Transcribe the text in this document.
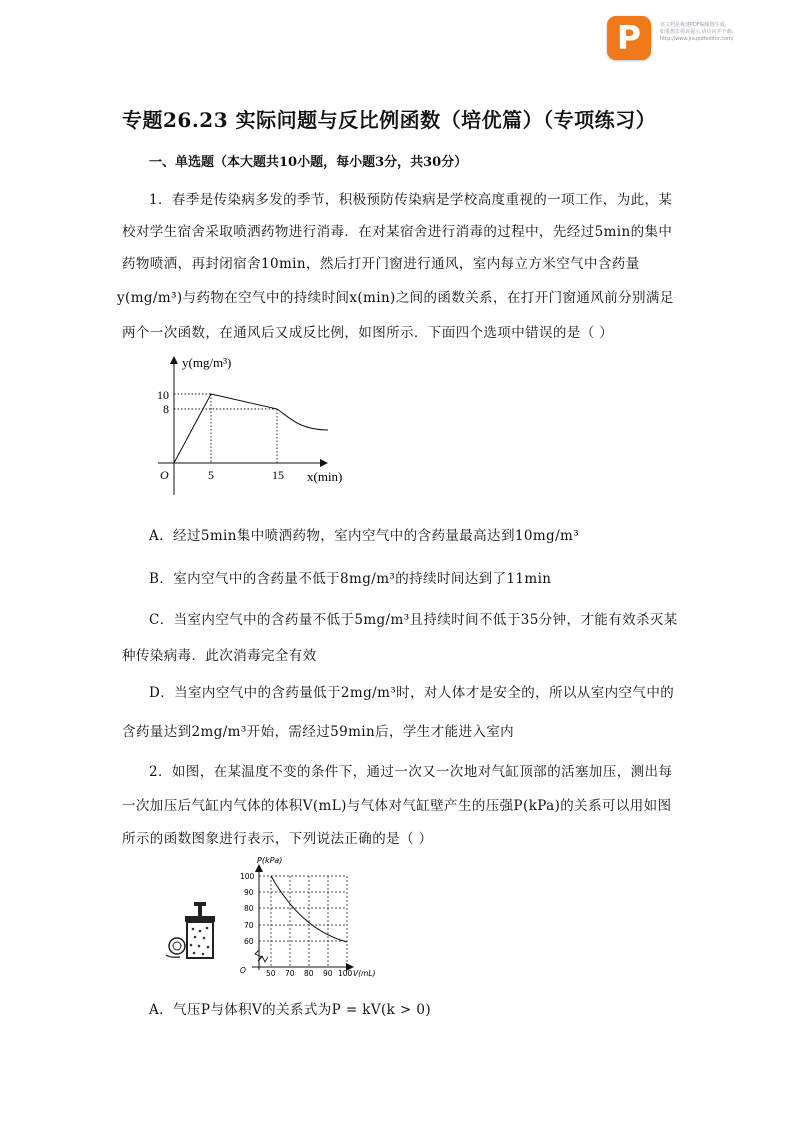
P	该文档是极速PDF编辑器生成,
如果想去掉该提示,请访问并下载:
http://www.jisupdfeditor.com/
专题26.23 实际问题与反比例函数（培优篇）（专项练习）
一、单选题（本大题共10小题，每小题3分，共30分）
1．春季是传染病多发的季节，积极预防传染病是学校高度重视的一项工作，为此，某
校对学生宿舍采取喷洒药物进行消毒．在对某宿舍进行消毒的过程中，先经过5min的集中
药物喷洒，再封闭宿舍10min，然后打开门窗进行通风，室内每立方米空气中含药量
y(mg/m³)与药物在空气中的持续时间x(min)之间的函数关系，在打开门窗通风前分别满足
两个一次函数，在通风后又成反比例，如图所示．下面四个选项中错误的是（ ）
y(mg/m³)
x(min)
O
10
8
5	15
A．经过5min集中喷洒药物，室内空气中的含药量最高达到10mg/m³
B．室内空气中的含药量不低于8mg/m³的持续时间达到了11min
C．当室内空气中的含药量不低于5mg/m³且持续时间不低于35分钟，才能有效杀灭某
种传染病毒．此次消毒完全有效
D．当室内空气中的含药量低于2mg/m³时，对人体才是安全的，所以从室内空气中的
含药量达到2mg/m³开始，需经过59min后，学生才能进入室内
2．如图，在某温度不变的条件下，通过一次又一次地对气缸顶部的活塞加压，测出每
一次加压后气缸内气体的体积V(mL)与气体对气缸壁产生的压强P(kPa)的关系可以用如图
所示的函数图象进行表示，下列说法正确的是（ ）
P(kPa)
100
90
80
70
60
O	50 70 80 90 100 V(mL)
A．气压P与体积V的关系式为P = kV(k > 0)
